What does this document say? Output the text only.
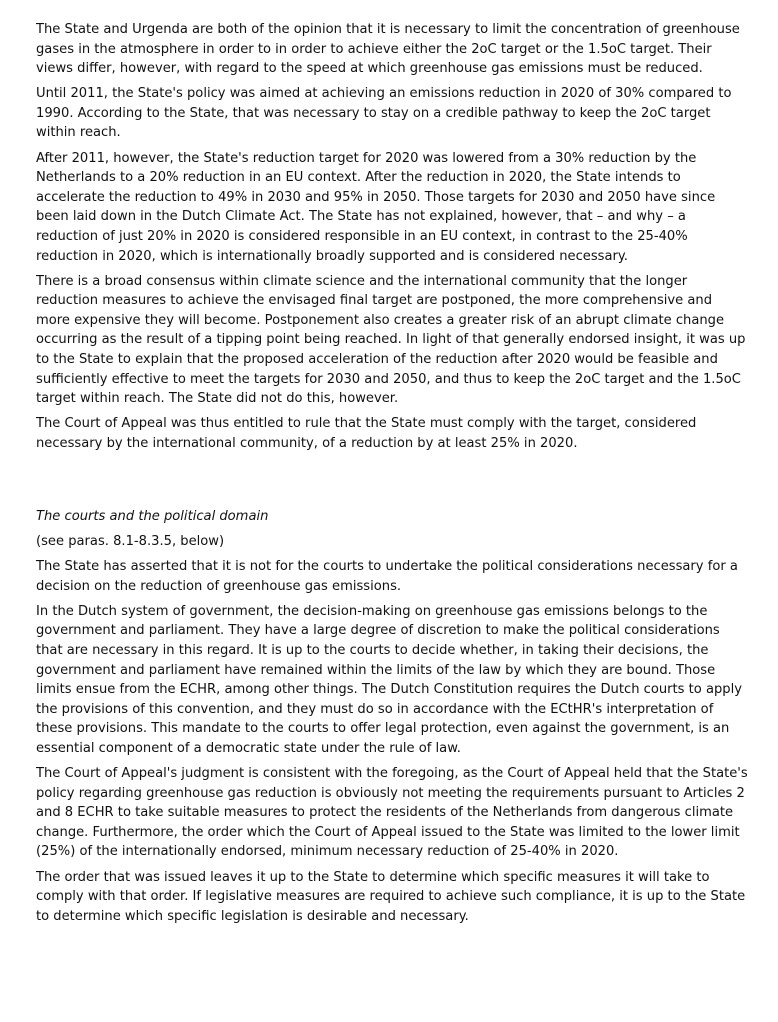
The State and Urgenda are both of the opinion that it is necessary to limit the concentration of greenhouse gases in the atmosphere in order to in order to achieve either the 2oC target or the 1.5oC target. Their views differ, however, with regard to the speed at which greenhouse gas emissions must be reduced.

Until 2011, the State's policy was aimed at achieving an emissions reduction in 2020 of 30% compared to 1990. According to the State, that was necessary to stay on a credible pathway to keep the 2oC target within reach.

After 2011, however, the State's reduction target for 2020 was lowered from a 30% reduction by the Netherlands to a 20% reduction in an EU context. After the reduction in 2020, the State intends to accelerate the reduction to 49% in 2030 and 95% in 2050. Those targets for 2030 and 2050 have since been laid down in the Dutch Climate Act. The State has not explained, however, that – and why – a reduction of just 20% in 2020 is considered responsible in an EU context, in contrast to the 25-40% reduction in 2020, which is internationally broadly supported and is considered necessary.

There is a broad consensus within climate science and the international community that the longer reduction measures to achieve the envisaged final target are postponed, the more comprehensive and more expensive they will become. Postponement also creates a greater risk of an abrupt climate change occurring as the result of a tipping point being reached. In light of that generally endorsed insight, it was up to the State to explain that the proposed acceleration of the reduction after 2020 would be feasible and sufficiently effective to meet the targets for 2030 and 2050, and thus to keep the 2oC target and the 1.5oC target within reach. The State did not do this, however.

The Court of Appeal was thus entitled to rule that the State must comply with the target, considered necessary by the international community, of a reduction by at least 25% in 2020.

The courts and the political domain

(see paras. 8.1-8.3.5, below)

The State has asserted that it is not for the courts to undertake the political considerations necessary for a decision on the reduction of greenhouse gas emissions.

In the Dutch system of government, the decision-making on greenhouse gas emissions belongs to the government and parliament. They have a large degree of discretion to make the political considerations that are necessary in this regard. It is up to the courts to decide whether, in taking their decisions, the government and parliament have remained within the limits of the law by which they are bound. Those limits ensue from the ECHR, among other things. The Dutch Constitution requires the Dutch courts to apply the provisions of this convention, and they must do so in accordance with the ECtHR's interpretation of these provisions. This mandate to the courts to offer legal protection, even against the government, is an essential component of a democratic state under the rule of law.

The Court of Appeal's judgment is consistent with the foregoing, as the Court of Appeal held that the State's policy regarding greenhouse gas reduction is obviously not meeting the requirements pursuant to Articles 2 and 8 ECHR to take suitable measures to protect the residents of the Netherlands from dangerous climate change. Furthermore, the order which the Court of Appeal issued to the State was limited to the lower limit (25%) of the internationally endorsed, minimum necessary reduction of 25-40% in 2020.

The order that was issued leaves it up to the State to determine which specific measures it will take to comply with that order. If legislative measures are required to achieve such compliance, it is up to the State to determine which specific legislation is desirable and necessary.
